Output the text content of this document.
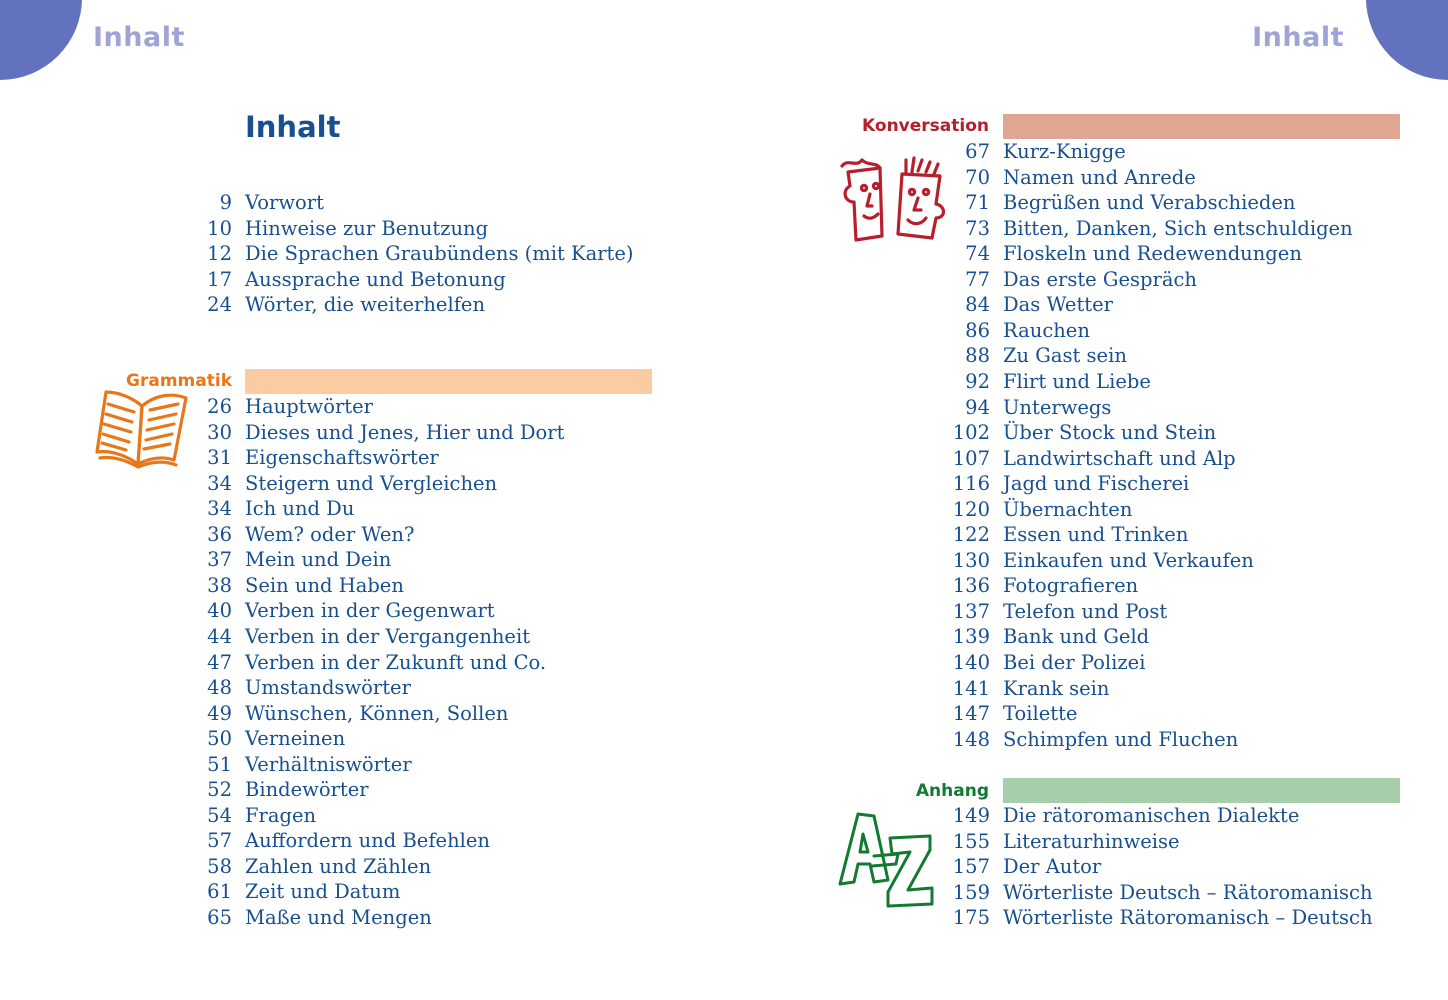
Inhalt	Inhalt
Inhalt
Grammatik
Konversation
Anhang
9 Vorwort
10 Hinweise zur Benutzung
12 Die Sprachen Graubündens (mit Karte)
17 Aussprache und Betonung
24 Wörter, die weiterhelfen
26 Hauptwörter
30 Dieses und Jenes, Hier und Dort
31 Eigenschaftswörter
34 Steigern und Vergleichen
34 Ich und Du
36 Wem? oder Wen?
37 Mein und Dein
38 Sein und Haben
40 Verben in der Gegenwart
44 Verben in der Vergangenheit
47 Verben in der Zukunft und Co.
48 Umstandswörter
49 Wünschen, Können, Sollen
50 Verneinen
51 Verhältniswörter
52 Bindewörter
54 Fragen
57 Auffordern und Befehlen
58 Zahlen und Zählen
61 Zeit und Datum
65 Maße und Mengen
67 Kurz-Knigge
70 Namen und Anrede
71 Begrüßen und Verabschieden
73 Bitten, Danken, Sich entschuldigen
74 Floskeln und Redewendungen
77 Das erste Gespräch
84 Das Wetter
86 Rauchen
88 Zu Gast sein
92 Flirt und Liebe
94 Unterwegs
102 Über Stock und Stein
107 Landwirtschaft und Alp
116 Jagd und Fischerei
120 Übernachten
122 Essen und Trinken
130 Einkaufen und Verkaufen
136 Fotografieren
137 Telefon und Post
139 Bank und Geld
140 Bei der Polizei
141 Krank sein
147 Toilette
148 Schimpfen und Fluchen
149 Die rätoromanischen Dialekte
155 Literaturhinweise
157 Der Autor
159 Wörterliste Deutsch – Rätoromanisch
175 Wörterliste Rätoromanisch – Deutsch
